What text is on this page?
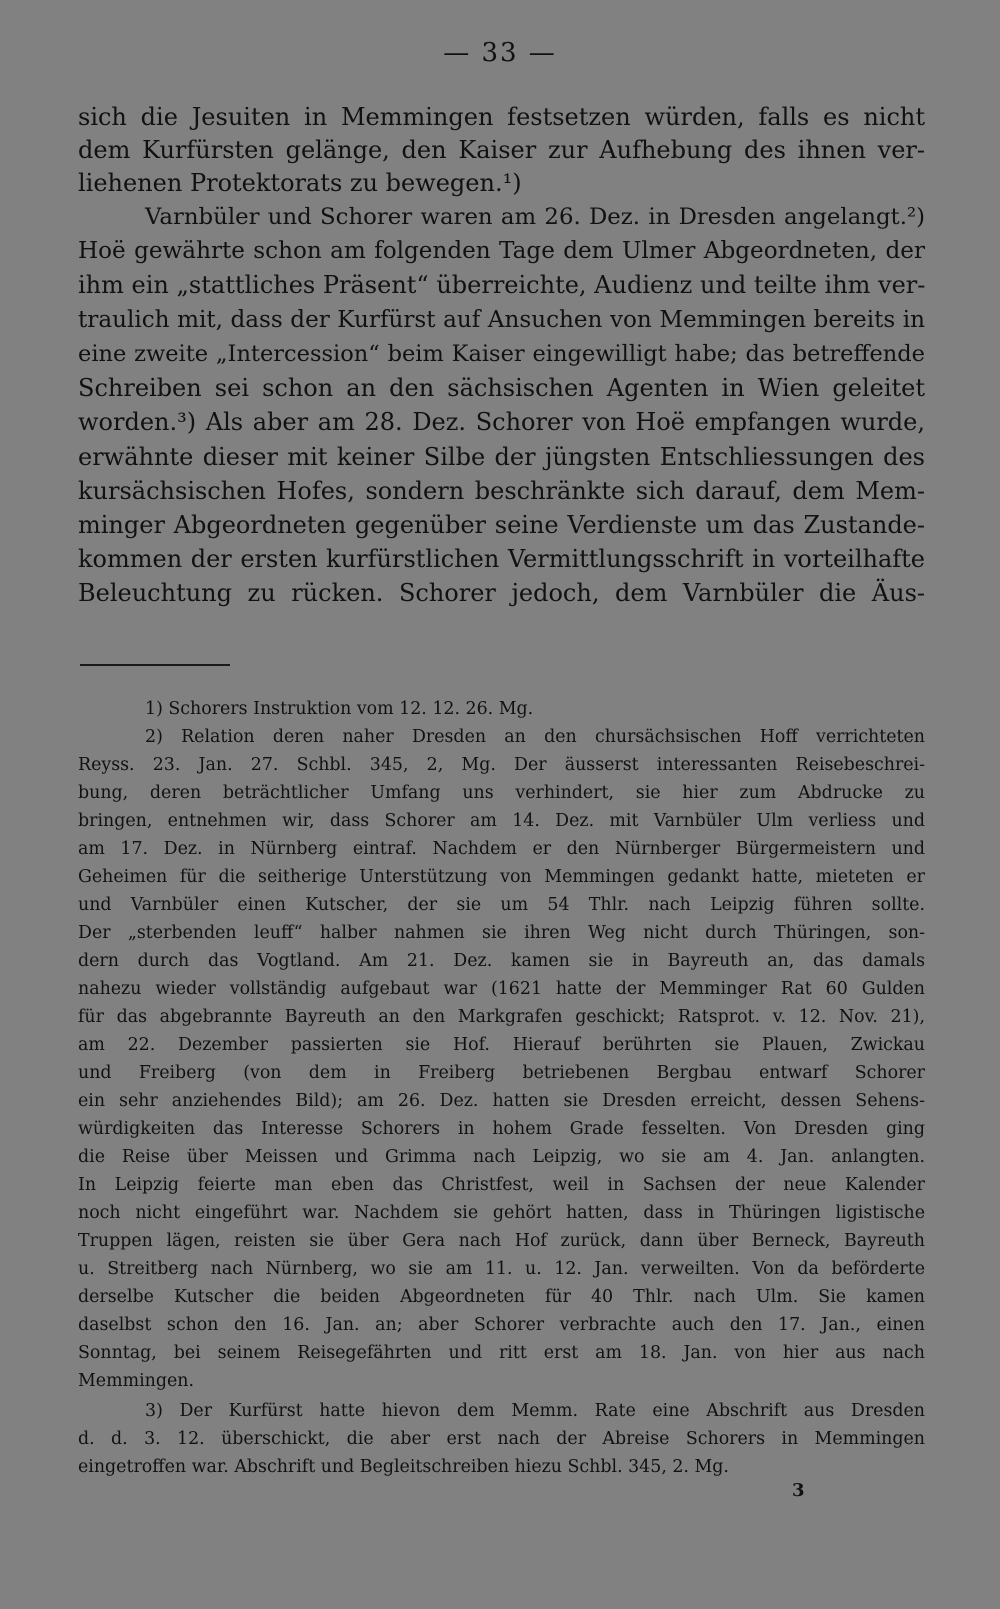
— 33 —
sich die Jesuiten in Memmingen festsetzen würden, falls es nicht
dem Kurfürsten gelänge, den Kaiser zur Aufhebung des ihnen ver-
liehenen Protektorats zu bewegen.¹)
Varnbüler und Schorer waren am 26. Dez. in Dresden angelangt.²)
Hoë gewährte schon am folgenden Tage dem Ulmer Abgeordneten, der
ihm ein „stattliches Präsent“ überreichte, Audienz und teilte ihm ver-
traulich mit, dass der Kurfürst auf Ansuchen von Memmingen bereits in
eine zweite „Intercession“ beim Kaiser eingewilligt habe; das betreffende
Schreiben sei schon an den sächsischen Agenten in Wien geleitet
worden.³) Als aber am 28. Dez. Schorer von Hoë empfangen wurde,
erwähnte dieser mit keiner Silbe der jüngsten Entschliessungen des
kursächsischen Hofes, sondern beschränkte sich darauf, dem Mem-
minger Abgeordneten gegenüber seine Verdienste um das Zustande-
kommen der ersten kurfürstlichen Vermittlungsschrift in vorteilhafte
Beleuchtung zu rücken. Schorer jedoch, dem Varnbüler die Äus-
1) Schorers Instruktion vom 12. 12. 26. Mg.
2) Relation deren naher Dresden an den chursächsischen Hoff verrichteten
Reyss. 23. Jan. 27. Schbl. 345, 2, Mg. Der äusserst interessanten Reisebeschrei-
bung, deren beträchtlicher Umfang uns verhindert, sie hier zum Abdrucke zu
bringen, entnehmen wir, dass Schorer am 14. Dez. mit Varnbüler Ulm verliess und
am 17. Dez. in Nürnberg eintraf. Nachdem er den Nürnberger Bürgermeistern und
Geheimen für die seitherige Unterstützung von Memmingen gedankt hatte, mieteten er
und Varnbüler einen Kutscher, der sie um 54 Thlr. nach Leipzig führen sollte.
Der „sterbenden leuff“ halber nahmen sie ihren Weg nicht durch Thüringen, son-
dern durch das Vogtland. Am 21. Dez. kamen sie in Bayreuth an, das damals
nahezu wieder vollständig aufgebaut war (1621 hatte der Memminger Rat 60 Gulden
für das abgebrannte Bayreuth an den Markgrafen geschickt; Ratsprot. v. 12. Nov. 21),
am 22. Dezember passierten sie Hof. Hierauf berührten sie Plauen, Zwickau
und Freiberg (von dem in Freiberg betriebenen Bergbau entwarf Schorer
ein sehr anziehendes Bild); am 26. Dez. hatten sie Dresden erreicht, dessen Sehens-
würdigkeiten das Interesse Schorers in hohem Grade fesselten. Von Dresden ging
die Reise über Meissen und Grimma nach Leipzig, wo sie am 4. Jan. anlangten.
In Leipzig feierte man eben das Christfest, weil in Sachsen der neue Kalender
noch nicht eingeführt war. Nachdem sie gehört hatten, dass in Thüringen ligistische
Truppen lägen, reisten sie über Gera nach Hof zurück, dann über Berneck, Bayreuth
u. Streitberg nach Nürnberg, wo sie am 11. u. 12. Jan. verweilten. Von da beförderte
derselbe Kutscher die beiden Abgeordneten für 40 Thlr. nach Ulm. Sie kamen
daselbst schon den 16. Jan. an; aber Schorer verbrachte auch den 17. Jan., einen
Sonntag, bei seinem Reisegefährten und ritt erst am 18. Jan. von hier aus nach
Memmingen.
3) Der Kurfürst hatte hievon dem Memm. Rate eine Abschrift aus Dresden
d. d. 3. 12. überschickt, die aber erst nach der Abreise Schorers in Memmingen
eingetroffen war. Abschrift und Begleitschreiben hiezu Schbl. 345, 2. Mg.
3
